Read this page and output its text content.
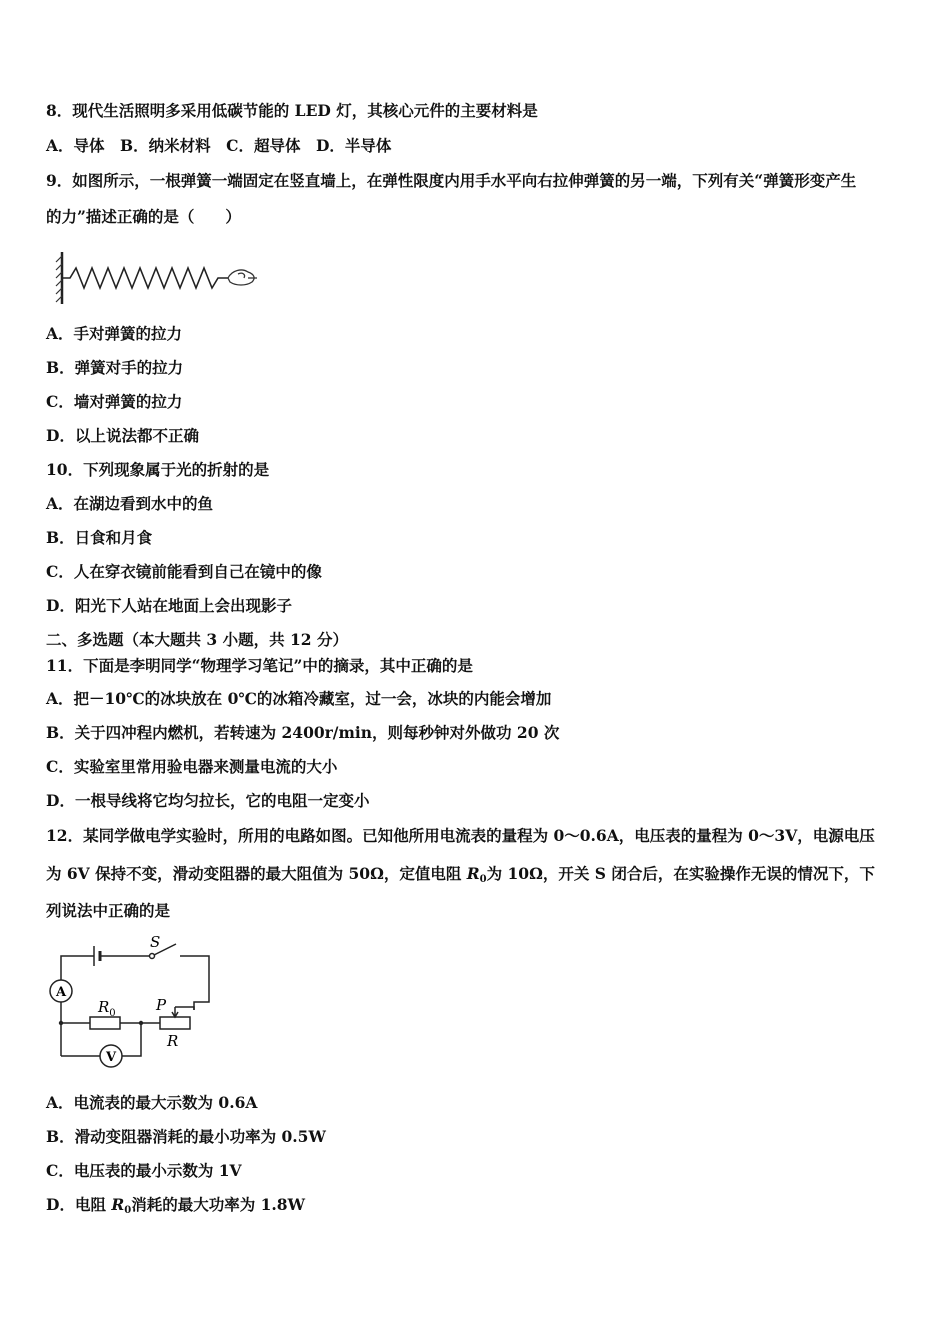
8．现代生活照明多采用低碳节能的 LED 灯，其核心元件的主要材料是
A．导体　B．纳米材料　C．超导体　D．半导体
9．如图所示，一根弹簧一端固定在竖直墙上，在弹性限度内用手水平向右拉伸弹簧的另一端，下列有关“弹簧形变产生
的力”描述正确的是（　　）
A．手对弹簧的拉力
B．弹簧对手的拉力
C．墙对弹簧的拉力
D．以上说法都不正确
10．下列现象属于光的折射的是
A．在湖边看到水中的鱼
B．日食和月食
C．人在穿衣镜前能看到自己在镜中的像
D．阳光下人站在地面上会出现影子
二、多选题（本大题共 3 小题，共 12 分）
11．下面是李明同学“物理学习笔记”中的摘录，其中正确的是
A．把－10℃的冰块放在 0℃的冰箱冷藏室，过一会，冰块的内能会增加
B．关于四冲程内燃机，若转速为 2400r/min，则每秒钟对外做功 20 次
C．实验室里常用验电器来测量电流的大小
D．一根导线将它均匀拉长，它的电阻一定变小
12．某同学做电学实验时，所用的电路如图。已知他所用电流表的量程为 0～0.6A，电压表的量程为 0～3V，电源电压
为 6V 保持不变，滑动变阻器的最大阻值为 50Ω，定值电阻 $R_0$为 10Ω，开关 S 闭合后，在实验操作无误的情况下，下
列说法中正确的是
A
V
S
$R_0$	P
R
A．电流表的最大示数为 0.6A
B．滑动变阻器消耗的最小功率为 0.5W
C．电压表的最小示数为 1V
D．电阻 $R_0$消耗的最大功率为 1.8W
